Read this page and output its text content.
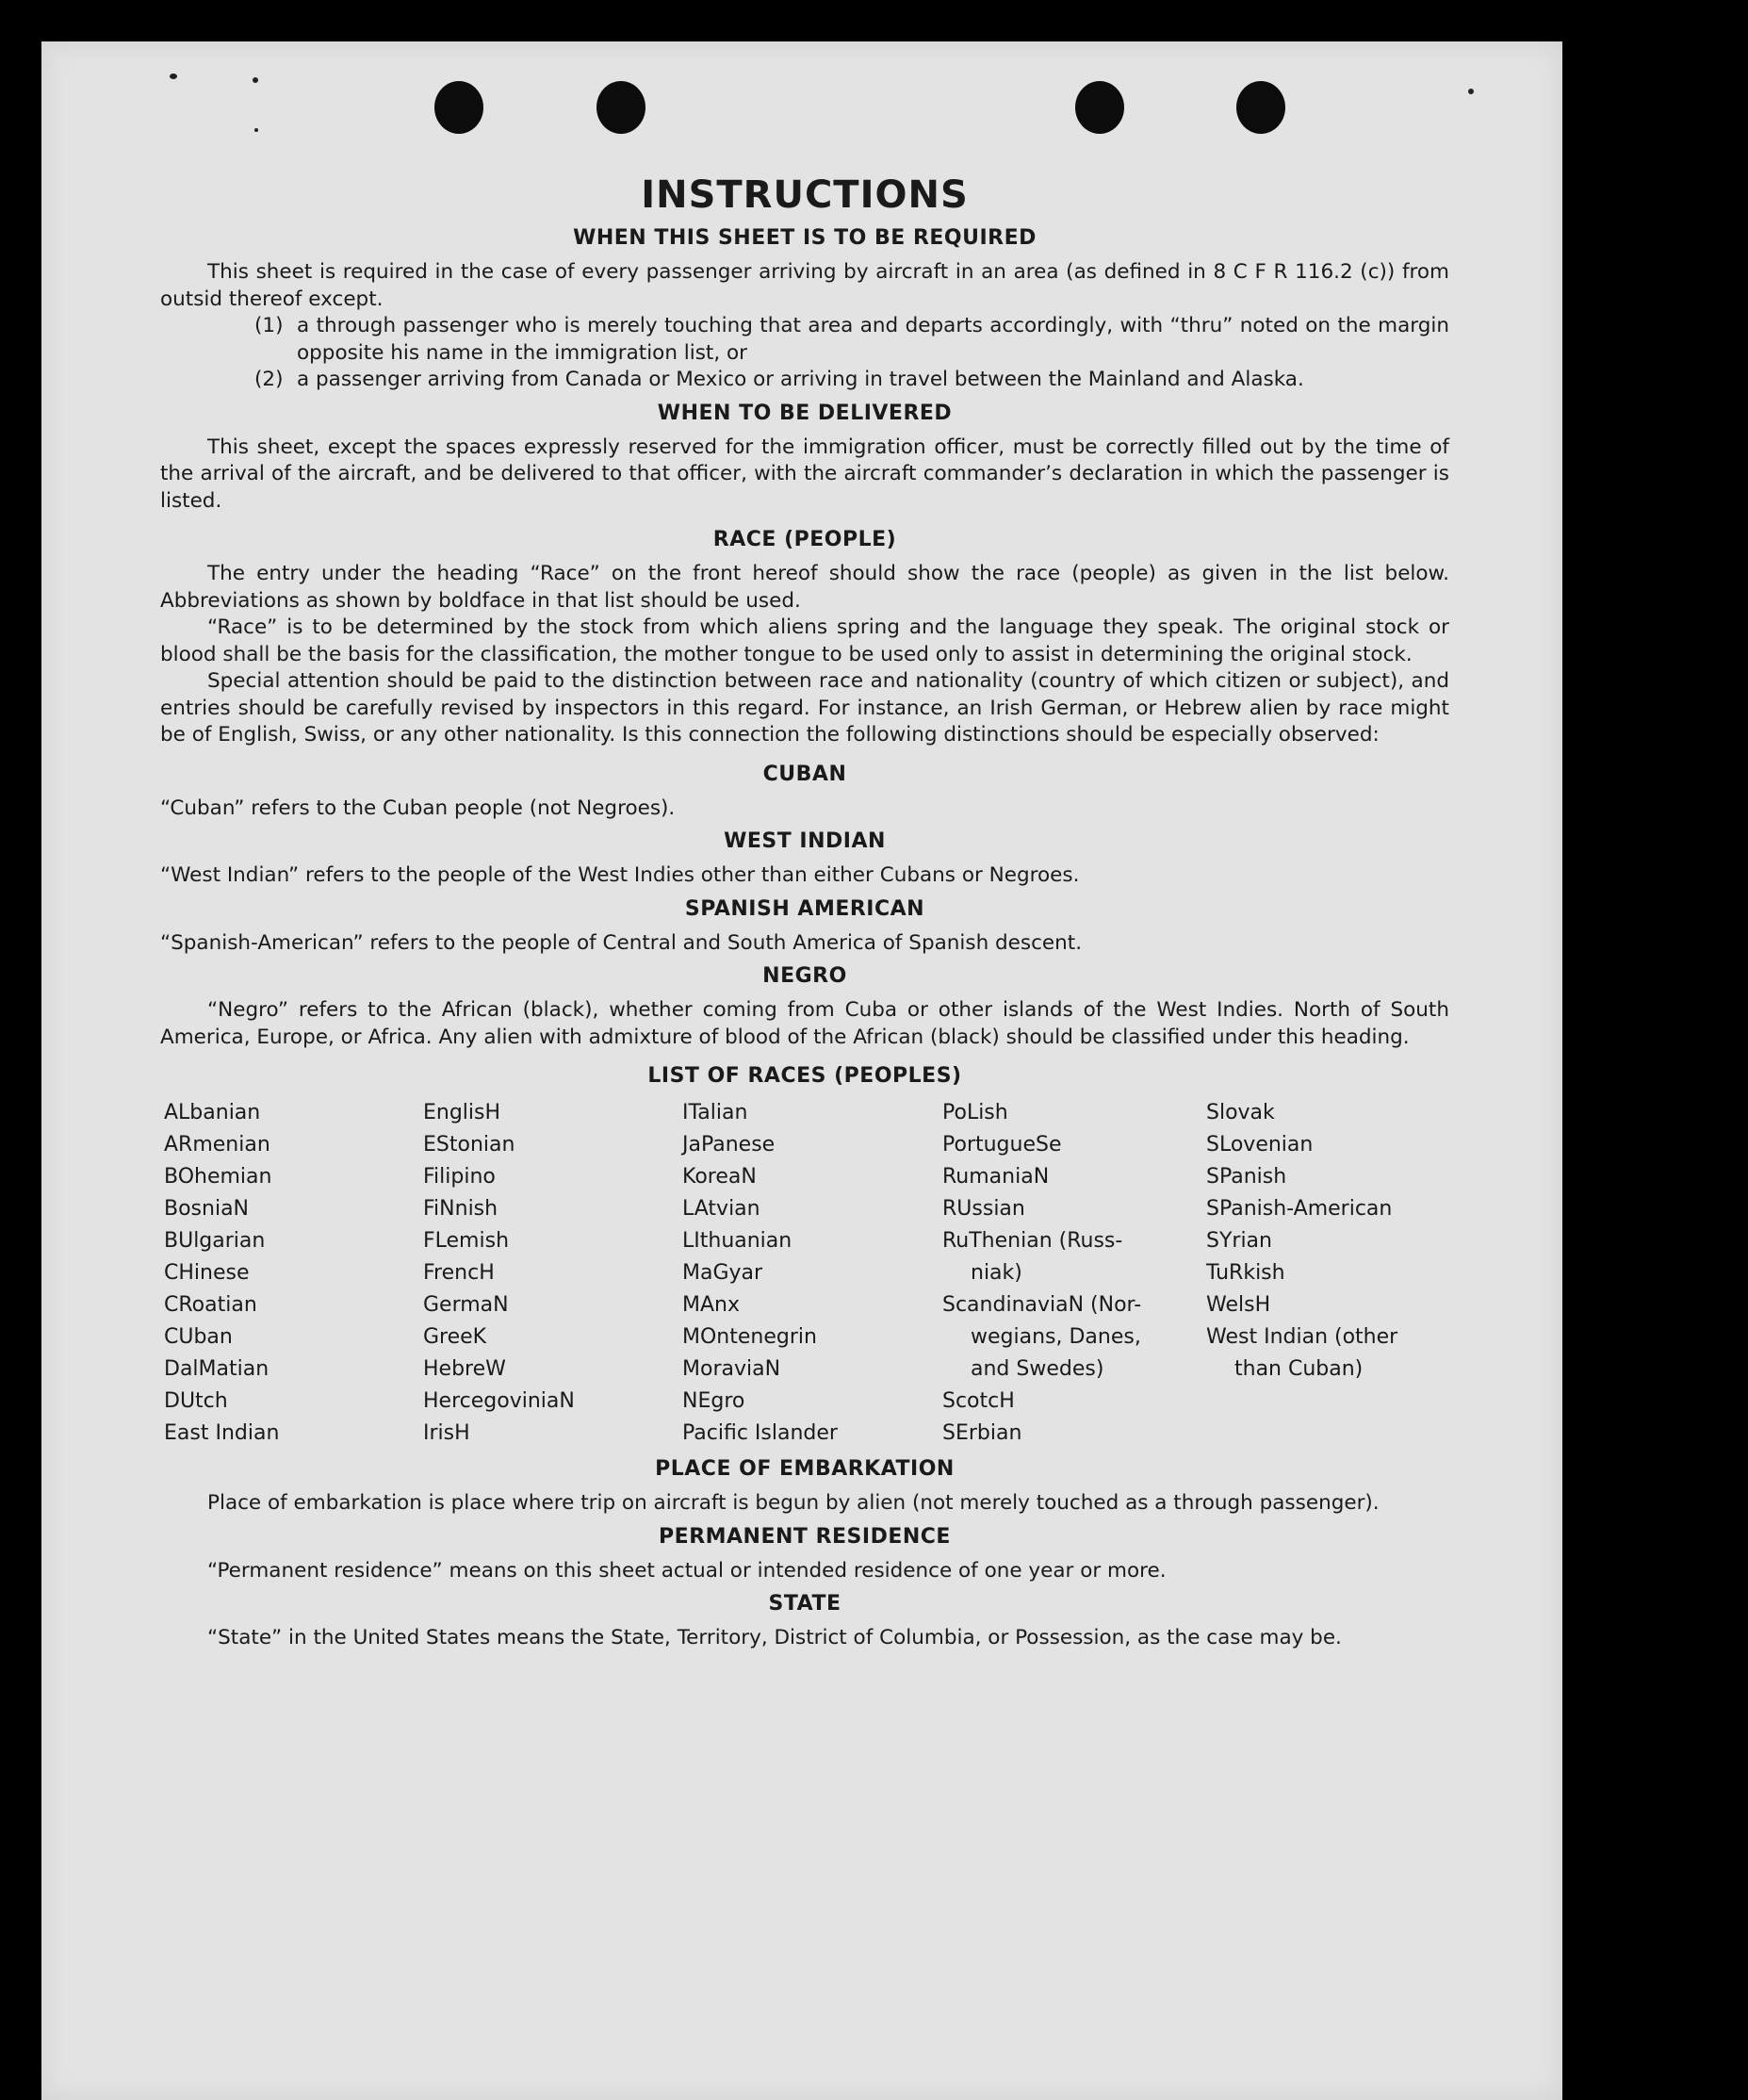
INSTRUCTIONS
WHEN THIS SHEET IS TO BE REQUIRED

This sheet is required in the case of every passenger arriving by aircraft in an area (as defined in 8 C F R 116.2 (c)) from outsid thereof except.

(1) a through passenger who is merely touching that area and departs accordingly, with “thru” noted on the margin opposite his name in the immigration list, or
(2) a passenger arriving from Canada or Mexico or arriving in travel between the Mainland and Alaska.
WHEN TO BE DELIVERED

This sheet, except the spaces expressly reserved for the immigration officer, must be correctly filled out by the time of the arrival of the aircraft, and be delivered to that officer, with the aircraft commander’s declaration in which the passenger is listed.

RACE (PEOPLE)

The entry under the heading “Race” on the front hereof should show the race (people) as given in the list below. Abbreviations as shown by boldface in that list should be used.

“Race” is to be determined by the stock from which aliens spring and the language they speak. The original stock or blood shall be the basis for the classification, the mother tongue to be used only to assist in determining the original stock.

Special attention should be paid to the distinction between race and nationality (country of which citizen or subject), and entries should be carefully revised by inspectors in this regard. For instance, an Irish German, or Hebrew alien by race might be of English, Swiss, or any other nationality. Is this connection the following distinctions should be especially observed:

CUBAN

“Cuban” refers to the Cuban people (not Negroes).

WEST INDIAN

“West Indian” refers to the people of the West Indies other than either Cubans or Negroes.

SPANISH AMERICAN

“Spanish-American” refers to the people of Central and South America of Spanish descent.

NEGRO

“Negro” refers to the African (black), whether coming from Cuba or other islands of the West Indies. North of South America, Europe, or Africa. Any alien with admixture of blood of the African (black) should be classified under this heading.

LIST OF RACES (PEOPLES)
ALbanian
ARmenian
BOhemian
BosniaN
BUlgarian
CHinese
CRoatian
CUban
DalMatian
DUtch
East Indian
EnglisH
EStonian
Filipino
FiNnish
FLemish
FrencH
GermaN
GreeK
HebreW
HercegoviniaN
IrisH
ITalian
JaPanese
KoreaN
LAtvian
LIthuanian
MaGyar
MAnx
MOntenegrin
MoraviaN
NEgro
Pacific Islander
PoLish
PortugueSe
RumaniaN
RUssian
RuThenian (Russ-
niak)
ScandinaviaN (Nor-
wegians, Danes,
and Swedes)
ScotcH
SErbian
Slovak
SLovenian
SPanish
SPanish-American
SYrian
TuRkish
WelsH
West Indian (other
than Cuban)
PLACE OF EMBARKATION

Place of embarkation is place where trip on aircraft is begun by alien (not merely touched as a through passenger).

PERMANENT RESIDENCE

“Permanent residence” means on this sheet actual or intended residence of one year or more.

STATE

“State” in the United States means the State, Territory, District of Columbia, or Possession, as the case may be.
